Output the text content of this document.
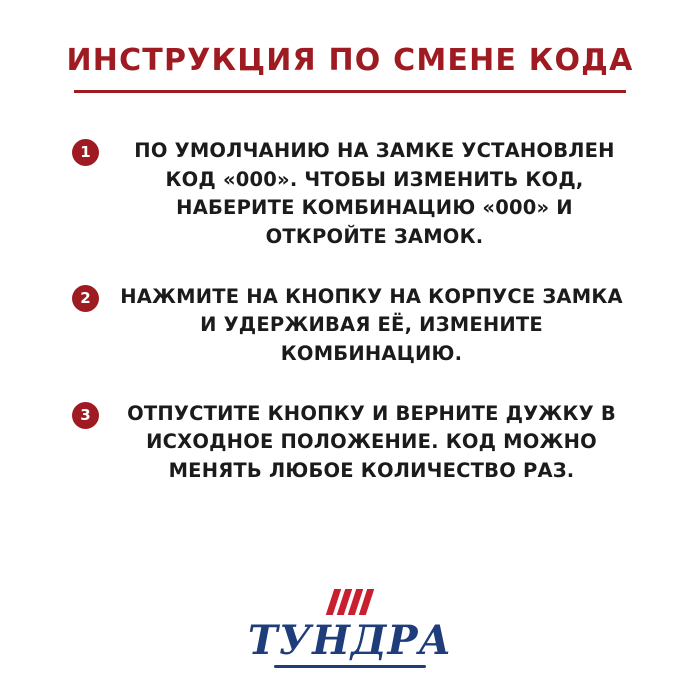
ИНСТРУКЦИЯ ПО СМЕНЕ КОДА
1	ПО УМОЛЧАНИЮ НА ЗАМКЕ УСТАНОВЛЕН КОД «000». ЧТОБЫ ИЗМЕНИТЬ КОД, НАБЕРИТЕ КОМБИНАЦИЮ «000» И ОТКРОЙТЕ ЗАМОК.
2	НАЖМИТЕ НА КНОПКУ НА КОРПУСЕ ЗАМКА И УДЕРЖИВАЯ ЕЁ, ИЗМЕНИТЕ КОМБИНАЦИЮ.
3	ОТПУСТИТЕ КНОПКУ И ВЕРНИТЕ ДУЖКУ В ИСХОДНОЕ ПОЛОЖЕНИЕ. КОД МОЖНО МЕНЯТЬ ЛЮБОЕ КОЛИЧЕСТВО РАЗ.
ТУНДРА
